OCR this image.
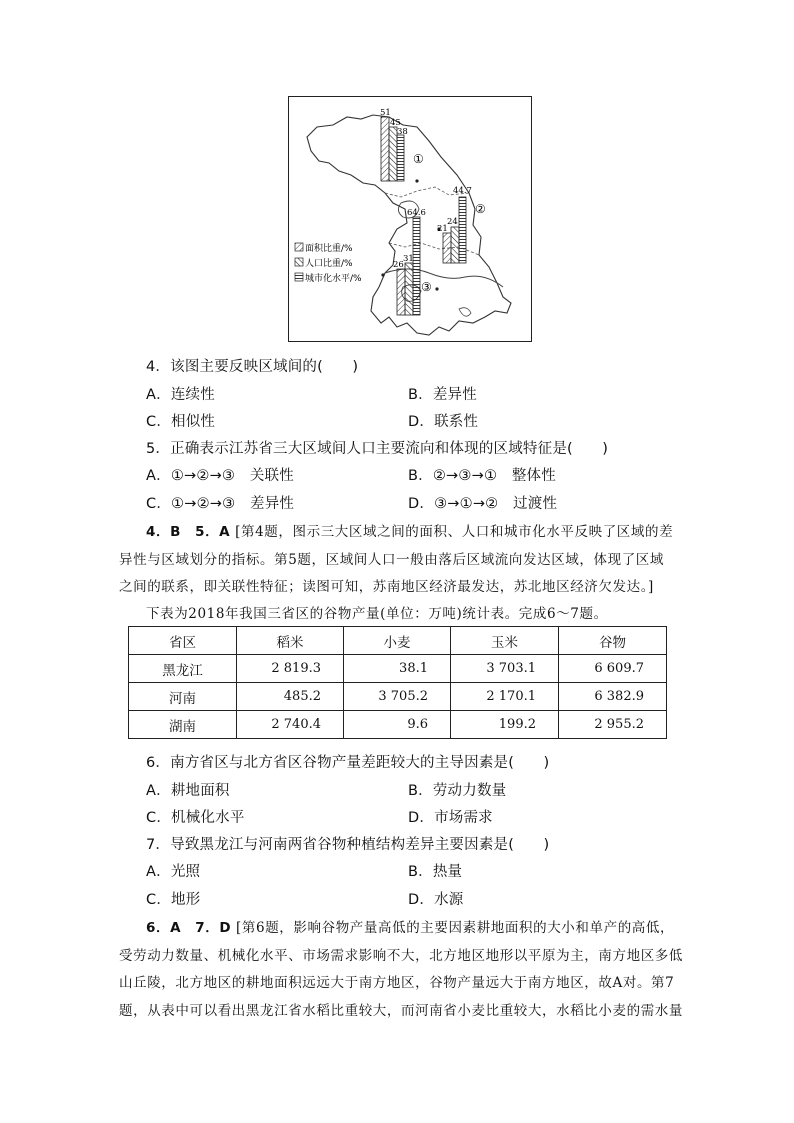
①
②
③
51
45
38
44.7
24
21
64.6
31
26
面积比重/%
人口比重/%
城市化水平/%
4．该图主要反映区域间的(　　)
A．连续性	B．差异性
C．相似性	D．联系性
5．正确表示江苏省三大区域间人口主要流向和体现的区域特征是(　　)
A．①→②→③　关联性	B．②→③→①　整体性
C．①→②→③　差异性	D．③→①→②　过渡性
4．B　5．A [第4题，图示三大区域之间的面积、人口和城市化水平反映了区域的差
异性与区域划分的指标。第5题，区域间人口一般由落后区域流向发达区域，体现了区域
之间的联系，即关联性特征；读图可知，苏南地区经济最发达，苏北地区经济欠发达。]
下表为2018年我国三省区的谷物产量(单位：万吨)统计表。完成6～7题。
省区	稻米	小麦	玉米	谷物
黑龙江	2 819.3	38.1	3 703.1	6 609.7
河南	485.2	3 705.2	2 170.1	6 382.9
湖南	2 740.4	9.6	199.2	2 955.2
6．南方省区与北方省区谷物产量差距较大的主导因素是(　　)
A．耕地面积	B．劳动力数量
C．机械化水平	D．市场需求
7．导致黑龙江与河南两省谷物种植结构差异主要因素是(　　)
A．光照	B．热量
C．地形	D．水源
6．A　7．D [第6题，影响谷物产量高低的主要因素耕地面积的大小和单产的高低，
受劳动力数量、机械化水平、市场需求影响不大，北方地区地形以平原为主，南方地区多低
山丘陵，北方地区的耕地面积远远大于南方地区，谷物产量远大于南方地区，故A对。第7
题，从表中可以看出黑龙江省水稻比重较大，而河南省小麦比重较大，水稻比小麦的需水量
